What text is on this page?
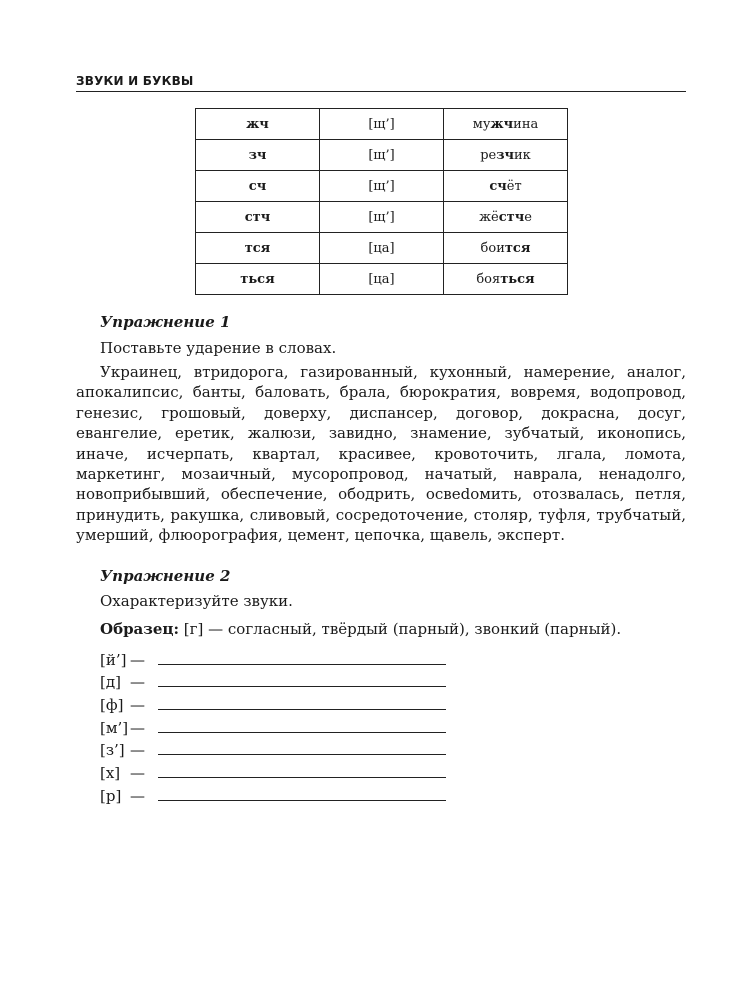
ЗВУКИ И БУКВЫ
жч	[щ’]	мужчина
зч	[щ’]	резчик
сч	[щ’]	счёт
стч	[щ’]	жёстче
тся	[ца]	боится
ться	[ца]	бояться
Упражнение 1
Поставьте ударение в словах.

Украинец, втридорога, газированный, кухонный, намерение, аналог, апокалипсис, банты, баловать, брала, бюрократия, вовремя, водопровод, генезис, грошовый, доверху, диспансер, договор, докрасна, досуг, евангелие, еретик, жалюзи, завидно, знамение, зубчатый, иконопись, иначе, исчерпать, квартал, красивее, кровоточить, лгала, ломота, маркетинг, мозаичный, мусоропровод, начатый, наврала, ненадолго, новоприбывший, обеспечение, ободрить, освedомить, отозвалась, петля, принудить, ракушка, сливовый, сосредоточение, столяр, туфля, трубчатый, умерший, флюорография, цемент, цепочка, щавель, эксперт.

Упражнение 2
Охарактеризуйте звуки.
Образец: [г] — согласный, твёрдый (парный), звонкий (парный).
[й’] —
[д] —
[ф] —
[м’] —
[з’] —
[х] —
[р] —
